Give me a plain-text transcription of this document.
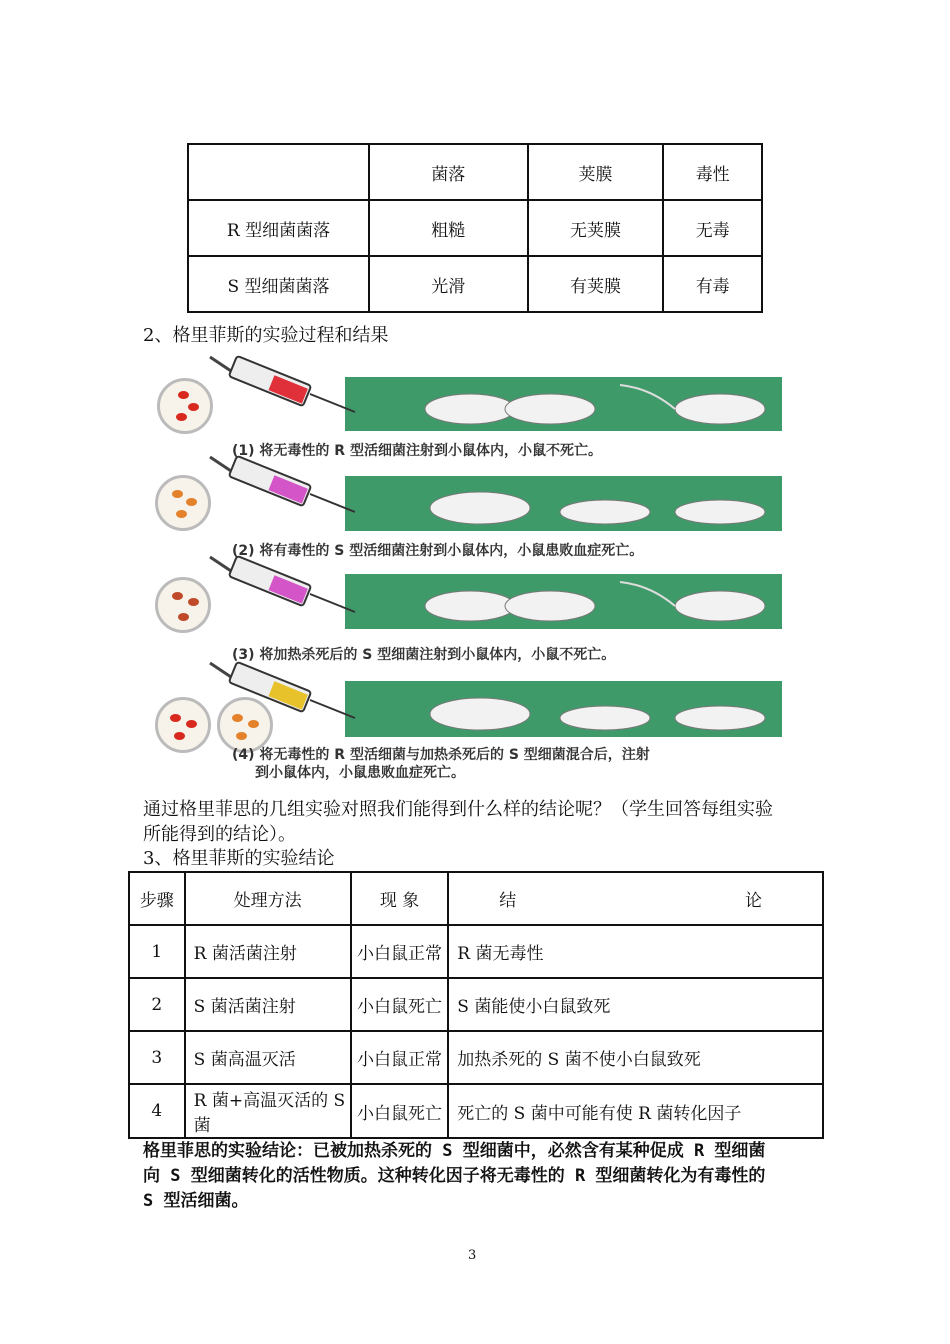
	菌落	荚膜	毒性
R 型细菌菌落	粗糙	无荚膜	无毒
S 型细菌菌落	光滑	有荚膜	有毒
2、格里菲斯的实验过程和结果
(1) 将无毒性的 R 型活细菌注射到小鼠体内，小鼠不死亡。
(2) 将有毒性的 S 型活细菌注射到小鼠体内，小鼠患败血症死亡。
(3) 将加热杀死后的 S 型细菌注射到小鼠体内，小鼠不死亡。
(4) 将无毒性的 R 型活细菌与加热杀死后的 S 型细菌混合后，注射
到小鼠体内，小鼠患败血症死亡。
通过格里菲思的几组实验对照我们能得到什么样的结论呢？（学生回答每组实验
所能得到的结论）。
3、格里菲斯的实验结论
步骤	处理方法	现 象	结 论

1	R 菌活菌注射	小白鼠正常	R 菌无毒性
2	S 菌活菌注射	小白鼠死亡	S 菌能使小白鼠致死
3	S 菌高温灭活	小白鼠正常	加热杀死的 S 菌不使小白鼠致死
4	R 菌+高温灭活的 S 菌	小白鼠死亡	死亡的 S 菌中可能有使 R 菌转化因子
格里菲思的实验结论：已被加热杀死的 S 型细菌中，必然含有某种促成 R 型细菌
向 S 型细菌转化的活性物质。这种转化因子将无毒性的 R 型细菌转化为有毒性的
S 型活细菌。
3
